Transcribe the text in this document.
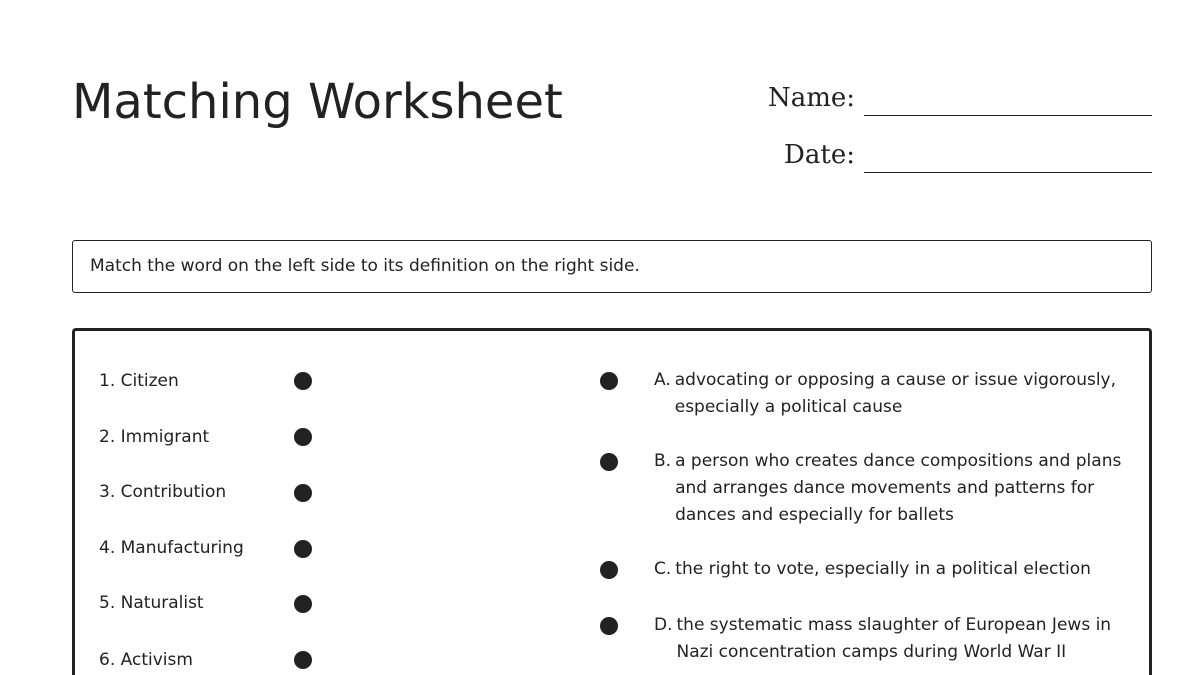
Matching Worksheet	Name:
Date:
Match the word on the left side to its definition on the right side.
1. Citizen
2. Immigrant
3. Contribution
4. Manufacturing
5. Naturalist
6. Activism
A. advocating or opposing a cause or issue vigorously, especially a political cause
B. a person who creates dance compositions and plans and arranges dance movements and patterns for dances and especially for ballets
C. the right to vote, especially in a political election
D. the systematic mass slaughter of European Jews in Nazi concentration camps during World War II
